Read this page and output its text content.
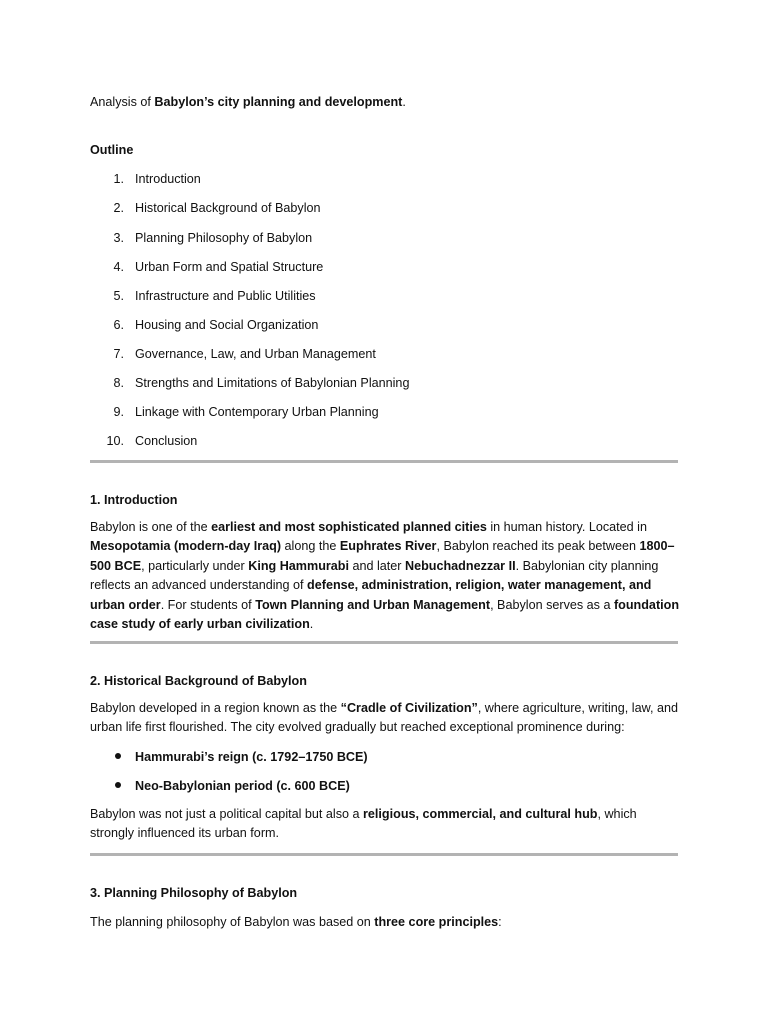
Analysis of Babylon’s city planning and development.
Outline
1. Introduction
2. Historical Background of Babylon
3. Planning Philosophy of Babylon
4. Urban Form and Spatial Structure
5. Infrastructure and Public Utilities
6. Housing and Social Organization
7. Governance, Law, and Urban Management
8. Strengths and Limitations of Babylonian Planning
9. Linkage with Contemporary Urban Planning
10. Conclusion
1. Introduction
Babylon is one of the earliest and most sophisticated planned cities in human history. Located in Mesopotamia (modern-day Iraq) along the Euphrates River, Babylon reached its peak between 1800–500 BCE, particularly under King Hammurabi and later Nebuchadnezzar II. Babylonian city planning reflects an advanced understanding of defense, administration, religion, water management, and urban order. For students of Town Planning and Urban Management, Babylon serves as a foundation case study of early urban civilization.
2. Historical Background of Babylon
Babylon developed in a region known as the “Cradle of Civilization”, where agriculture, writing, law, and urban life first flourished. The city evolved gradually but reached exceptional prominence during:
Hammurabi’s reign (c. 1792–1750 BCE)
Neo-Babylonian period (c. 600 BCE)
Babylon was not just a political capital but also a religious, commercial, and cultural hub, which strongly influenced its urban form.
3. Planning Philosophy of Babylon
The planning philosophy of Babylon was based on three core principles:
